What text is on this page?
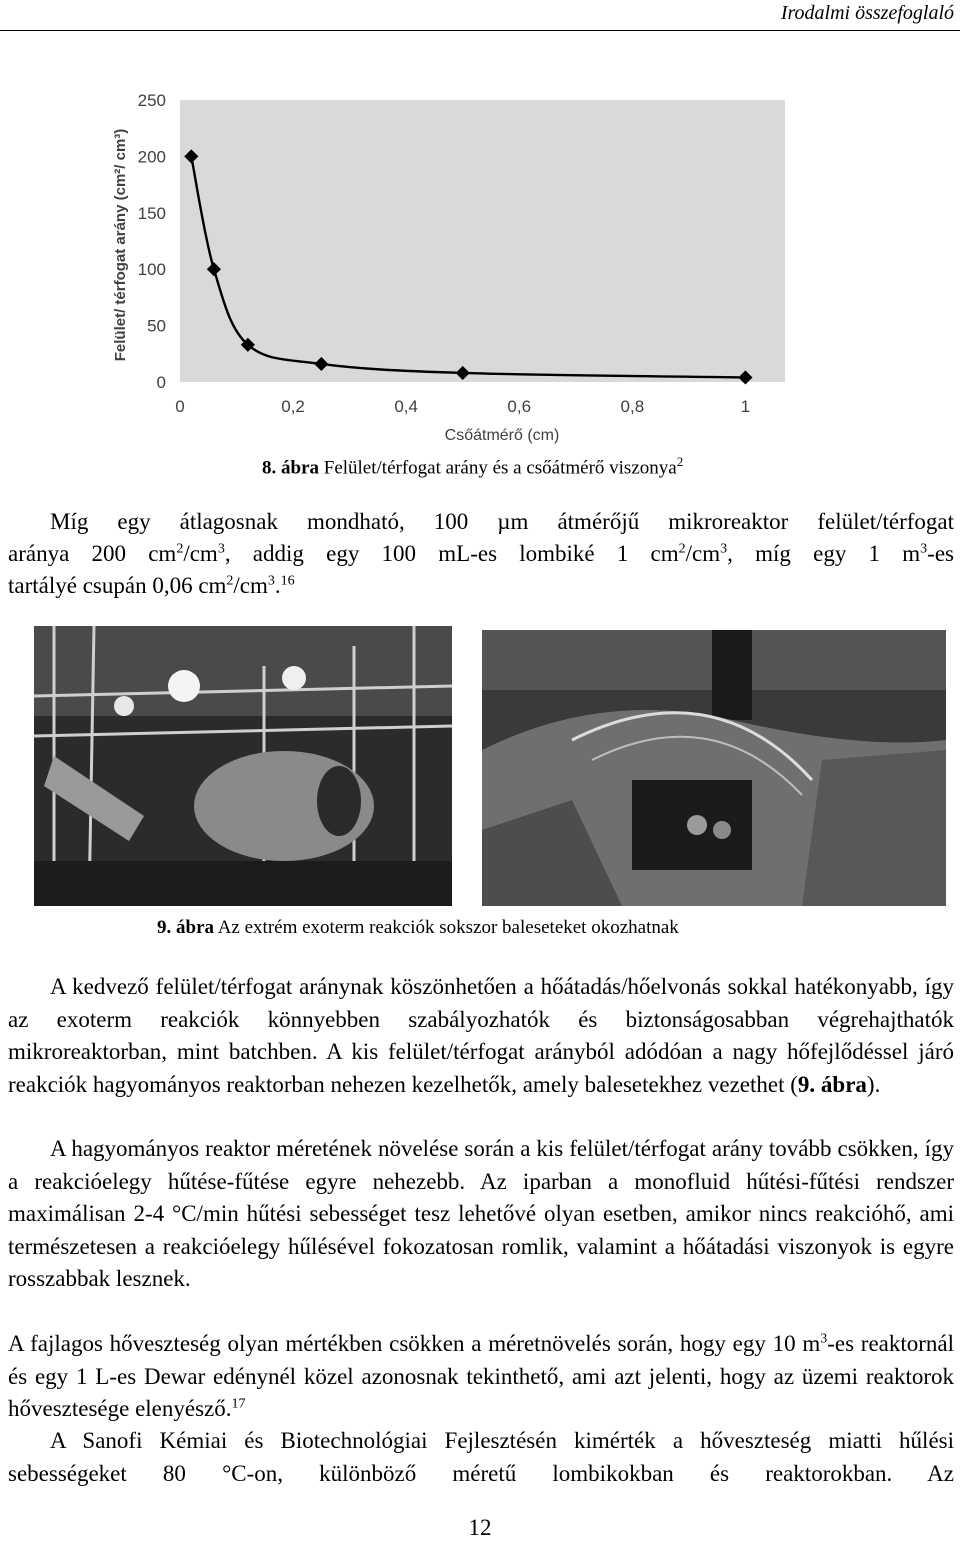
Irodalmi összefoglaló
0
50
100
150
200
250
0	0,2	0,4	0,6	0,8	1
Felület/ térfogat arány (cm²/ cm³)
Csőátmérő (cm)
8. ábra Felület/térfogat arány és a csőátmérő viszonya$^2$

Míg egy átlagosnak mondható, 100 µm átmérőjű mikroreaktor felület/térfogat

aránya 200 $cm^2/cm^3$, addig egy 100 mL-es lombiké 1 $cm^2/cm^3$, míg egy 1 $m^3-es$

tartályé csupán 0,06 $cm^2/cm^3.^{16}$

9. ábra Az extrém exoterm reakciók sokszor baleseteket okozhatnak

A kedvező felület/térfogat aránynak köszönhetően a hőátadás/hőelvonás sokkal hatékonyabb, így az exoterm reakciók könnyebben szabályozhatók és biztonságosabban végrehajthatók mikroreaktorban, mint batchben. A kis felület/térfogat arányból adódóan a nagy hőfejlődéssel járó reakciók hagyományos reaktorban nehezen kezelhetők, amely balesetekhez vezethet (9. ábra).

A hagyományos reaktor méretének növelése során a kis felület/térfogat arány tovább csökken, így a reakcióelegy hűtése-fűtése egyre nehezebb. Az iparban a monofluid hűtési-fűtési rendszer maximálisan 2-4 °C/min hűtési sebességet tesz lehetővé olyan esetben, amikor nincs reakcióhő, ami természetesen a reakcióelegy hűlésével fokozatosan romlik, valamint a hőátadási viszonyok is egyre rosszabbak lesznek.

A fajlagos hőveszteség olyan mértékben csökken a méretnövelés során, hogy egy 10 $m^3-es$ reaktornál és egy 1 L-es Dewar edénynél közel azonosnak tekinthető, ami azt jelenti, hogy az üzemi reaktorok hővesztesége elenyésző.$^{17}$

A Sanofi Kémiai és Biotechnológiai Fejlesztésén kimérték a hőveszteség miatti hűlési sebességeket 80 °C-on, különböző méretű lombikokban és reaktorokban. Az

12
